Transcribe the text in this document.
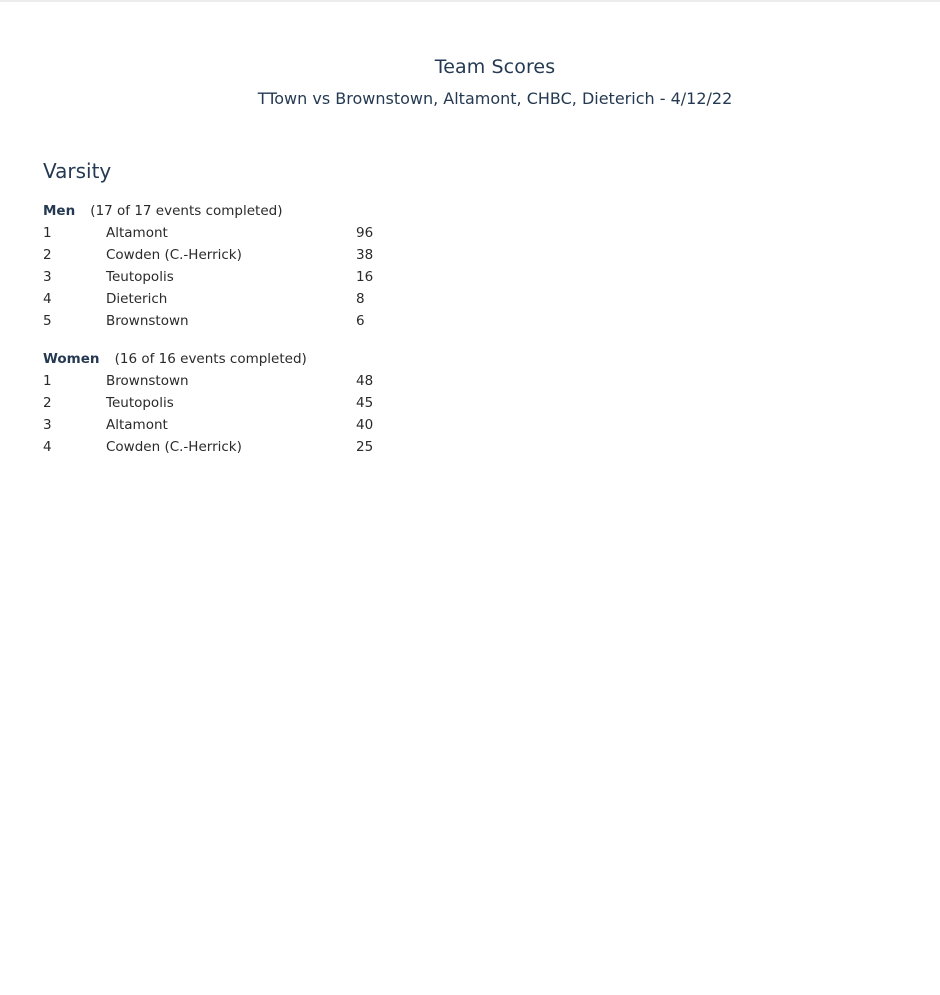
Team Scores
TTown vs Brownstown, Altamont, CHBC, Dieterich - 4/12/22
Varsity
Men (17 of 17 events completed)
1	Altamont	96
2	Cowden (C.-Herrick)	38
3	Teutopolis	16
4	Dieterich	8
5	Brownstown	6
Women (16 of 16 events completed)
1	Brownstown	48
2	Teutopolis	45
3	Altamont	40
4	Cowden (C.-Herrick)	25
